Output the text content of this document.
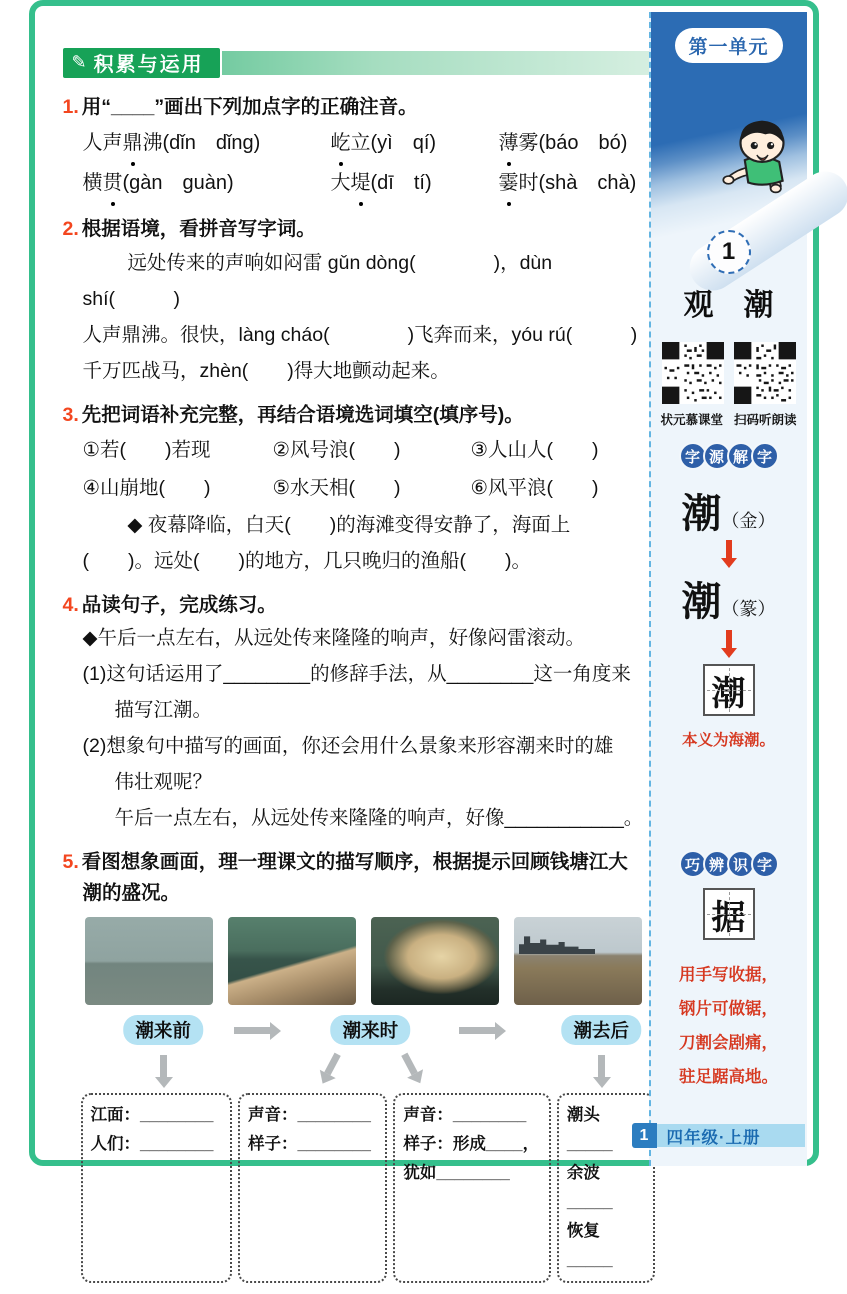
✎ 积累与运用
1. 用“____”画出下列加点字的正确注音。
人声鼎沸(dǐn　dǐng)	屹立(yì　qí)	薄雾(báo　bó)
横贯(gàn　guàn)	大堤(dī　tí)	霎时(shà　chà)
2. 根据语境，看拼音写字词。
远处传来的声响如闷雷 gǔn dòng(　　　　)，dùn shí(　　　)
人声鼎沸。很快，làng cháo(　　　　)飞奔而来，yóu rú(　　　)
千万匹战马，zhèn(　　)得大地颤动起来。
3. 先把词语补充完整，再结合语境选词填空(填序号)。
①若(　　)若现	②风号浪(　　)	③人山人(　　)
④山崩地(　　)	⑤水天相(　　)	⑥风平浪(　　)
◆ 夜幕降临，白天(　　)的海滩变得安静了，海面上
(　　)。远处(　　)的地方，几只晚归的渔船(　　)。
4. 品读句子，完成练习。
◆午后一点左右，从远处传来隆隆的响声，好像闷雷滚动。
(1)这句话运用了________的修辞手法，从________这一角度来
描写江潮。
(2)想象句中描写的画面，你还会用什么景象来形容潮来时的雄
伟壮观呢？
午后一点左右，从远处传来隆隆的响声，好像___________。
5. 看图想象画面，理一理课文的描写顺序，根据提示回顾钱塘江大
潮的盛况。
潮来前	潮来时	潮去后
江面：________
人们：________
声音：________
样子：________
声音：________
样子：形成____，
犹如________
潮头_____
余波_____
恢复_____
第一单元
1
观　潮
状元慕课堂 扫码听朗读
字 源 解 字
潮（金）
潮（篆）
潮
本义为海潮。
巧 辨 识 字
据
用手写收据，
钢片可做锯，
刀割会剧痛，
驻足踞高地。
1	四年级·上册
